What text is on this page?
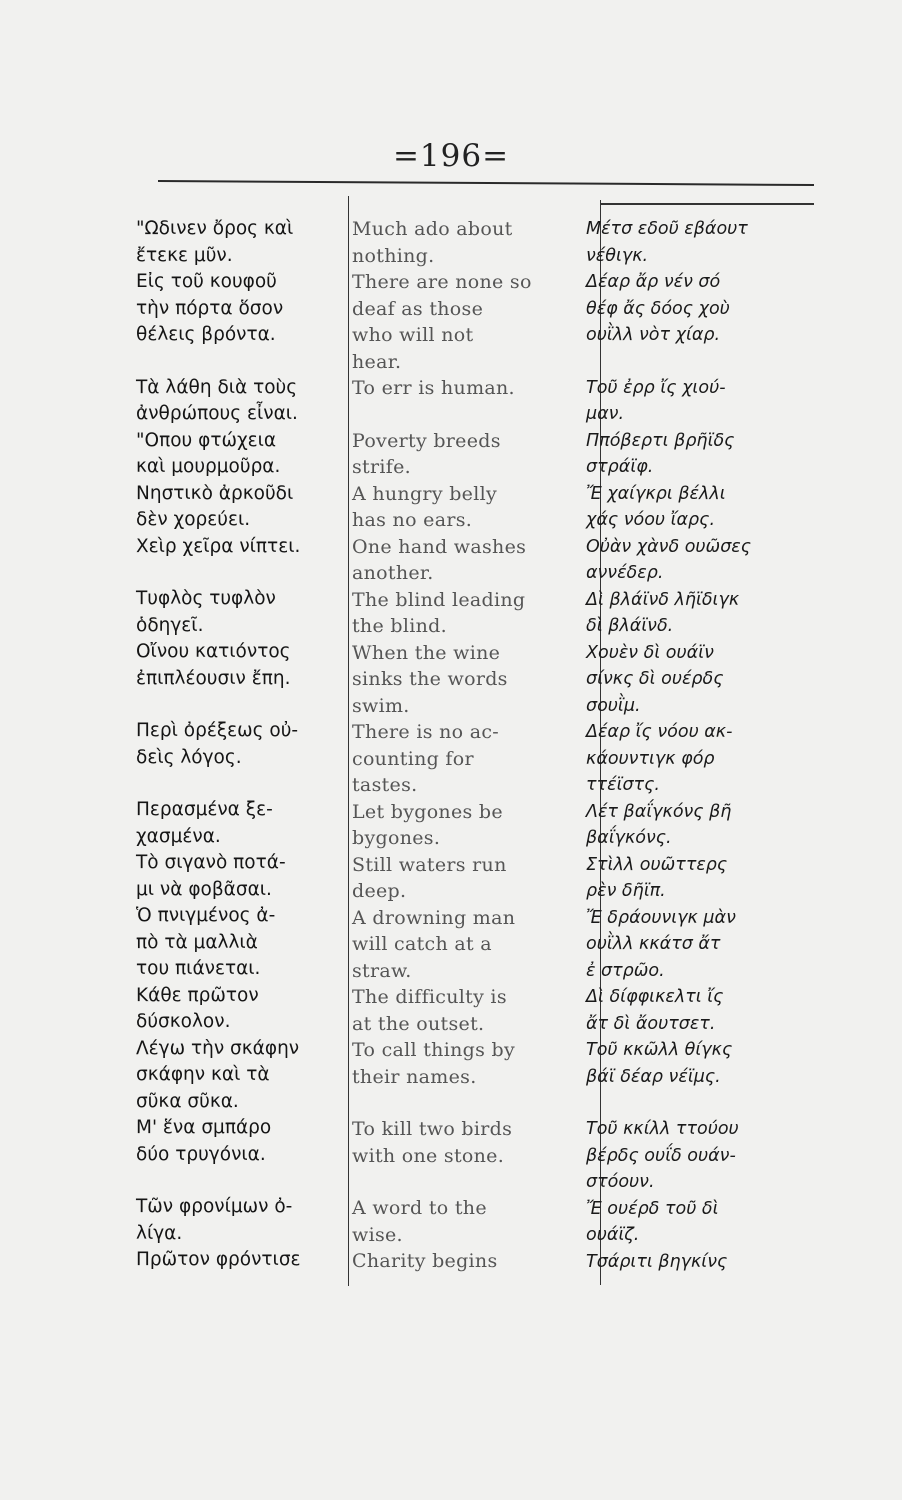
=196=

"Ωδινεν ὄρος καὶ
ἔτεκε μῦν.

Εἰς τοῦ κουφοῦ
τὴν πόρτα ὅσον
θέλεις βρόντα.

Τὰ λάθη διὰ τοὺς
ἀνθρώπους εἶναι.

"Οπου φτώχεια
καὶ μουρμοῦρα.

Νηστικὸ ἀρκοῦδι
δὲν χορεύει.

Χεὶρ χεῖρα νίπτει.

Τυφλὸς τυφλὸν
ὁδηγεῖ.

Οἴνου κατιόντος
ἐπιπλέουσιν ἔπη.

Περὶ ὀρέξεως οὐ-
δεὶς λόγος.

Περασμένα ξε-
χασμένα.

Τὸ σιγανὸ ποτά-
μι νὰ φοβᾶσαι.

Ὁ πνιγμένος ἀ-
πὸ τὰ μαλλιὰ
του πιάνεται.

Κάθε πρῶτον
δύσκολον.

Λέγω τὴν σκάφην
σκάφην καὶ τὰ
σῦκα σῦκα.

Μ' ἕνα σμπάρο
δύο τρυγόνια.

Τῶν φρονίμων ὀ-
λίγα.

Πρῶτον φρόντισε

Much ado about
nothing.

There are none so
deaf as those
who will not
hear.

To err is human.

Poverty breeds
strife.

A hungry belly
has no ears.

One hand washes
another.

The blind leading
the blind.

When the wine
sinks the words
swim.

There is no ac-
counting for
tastes.

Let bygones be
bygones.

Still waters run
deep.

A drowning man
will catch at a
straw.

The difficulty is
at the outset.

To call things by
their names.

To kill two birds
with one stone.

A word to the
wise.

Charity begins

Μέτσ εδοῦ εβάουτ
νέθιγκ.

Δέαρ ἄρ νέν σό
θέφ ἄς δόος χοὺ
ουῒλλ νὸτ χίαρ.

Τοῦ ἐρρ ἴς χιού-
μαν.

Ππόβερτι βρῆϊδς
στράϊφ.

Ἔ χαίγκρι βέλλι
χάς νόου ἴαρς.

Οὐὰν χὰνδ ουῶσες
αννέδερ.

Δὶ βλάϊνδ λῆϊδιγκ
δὶ βλάϊνδ.

Χουὲν δὶ ουάϊν
σίνκς δὶ ουέρδς
σουῒμ.

Δέαρ ἴς νόου ακ-
κάουντιγκ φόρ
ττέϊστς.

Λέτ βαΐγκόνς βῆ
βαΐγκόνς.

Στὶλλ ουῶττερς
ρὲν δῆϊπ.

Ἔ δράουνιγκ μὰν
ουῒλλ κκάτσ ἄτ
ἐ στρῶο.

Δὶ δίφφικελτι ἴς
ἄτ δὶ ἄουτσετ.

Τοῦ κκῶλλ θίγκς
βάϊ δέαρ νέϊμς.

Τοῦ κκίλλ ττούου
βέρδς ουΐδ ουάν-
στόουν.

Ἔ ουέρδ τοῦ δὶ
ουάϊζ.

Τσάριτι βηγκίνς
